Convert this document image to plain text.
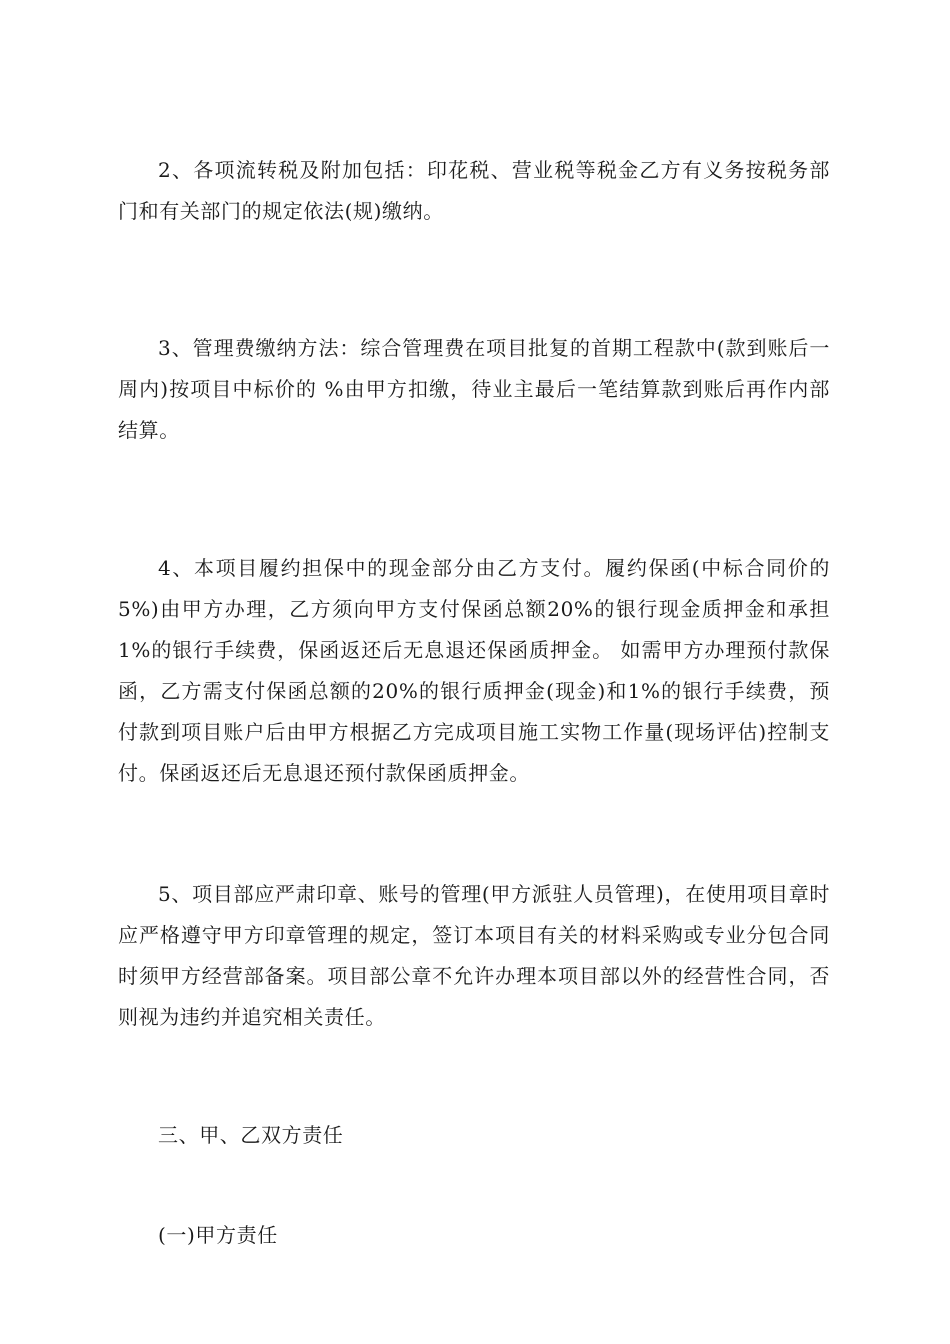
2、各项流转税及附加包括：印花税、营业税等税金乙方有义务按税务部门和有关部门的规定依法(规)缴纳。

3、管理费缴纳方法：综合管理费在项目批复的首期工程款中(款到账后一周内)按项目中标价的 %由甲方扣缴，待业主最后一笔结算款到账后再作内部结算。

4、本项目履约担保中的现金部分由乙方支付。履约保函(中标合同价的5%)由甲方办理，乙方须向甲方支付保函总额20%的银行现金质押金和承担1%的银行手续费，保函返还后无息退还保函质押金。 如需甲方办理预付款保函，乙方需支付保函总额的20%的银行质押金(现金)和1%的银行手续费，预付款到项目账户后由甲方根据乙方完成项目施工实物工作量(现场评估)控制支付。保函返还后无息退还预付款保函质押金。

5、项目部应严肃印章、账号的管理(甲方派驻人员管理)，在使用项目章时应严格遵守甲方印章管理的规定，签订本项目有关的材料采购或专业分包合同时须甲方经营部备案。项目部公章不允许办理本项目部以外的经营性合同，否则视为违约并追究相关责任。

三、甲、乙双方责任

(一)甲方责任
